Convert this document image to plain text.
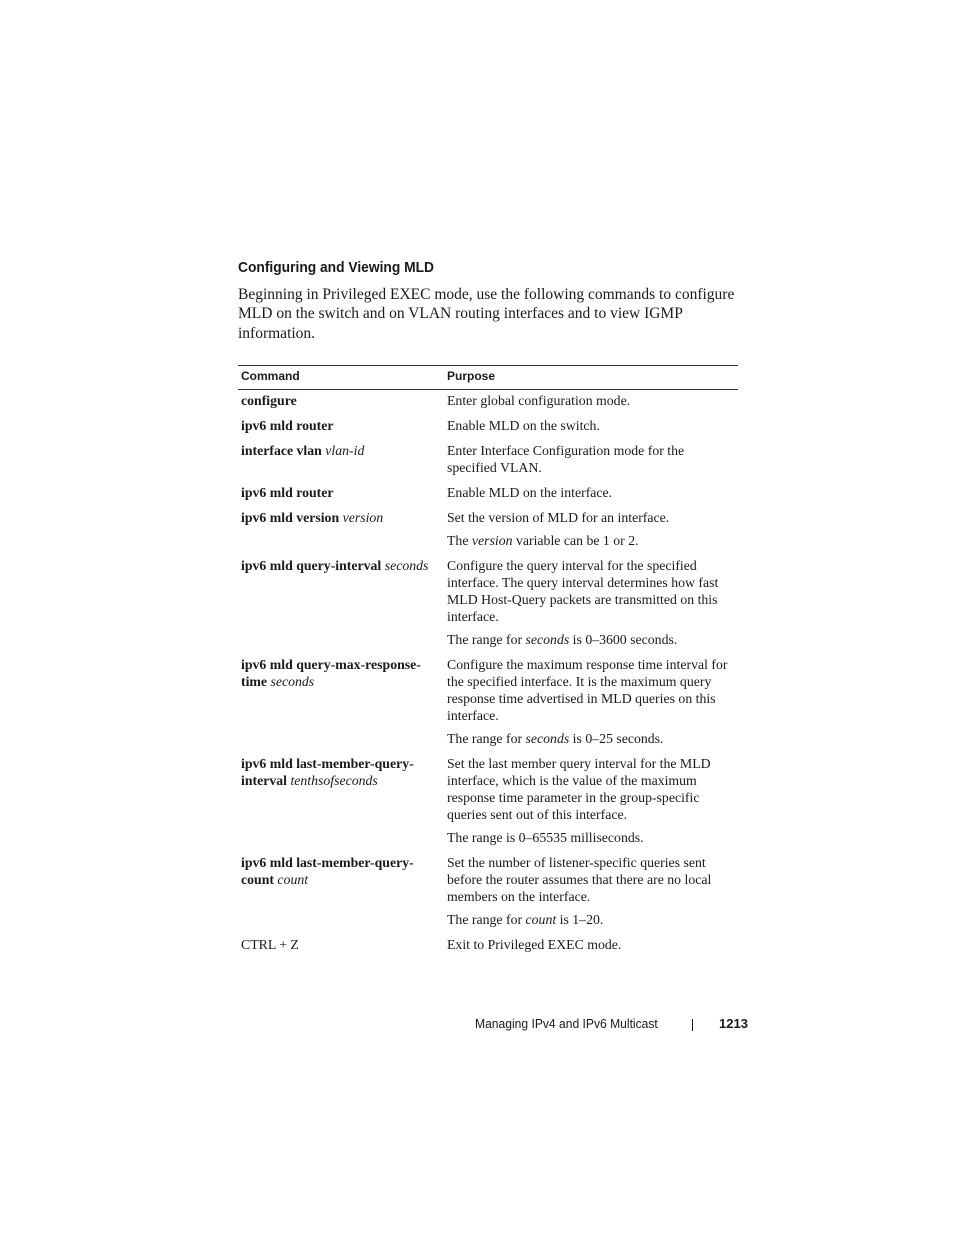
Configuring and Viewing MLD

Beginning in Privileged EXEC mode, use the following commands to configure MLD on the switch and on VLAN routing interfaces and to view IGMP information.

Command	Purpose
configure	Enter global configuration mode.
ipv6 mld router	Enable MLD on the switch.
interface vlan vlan-id	Enter Interface Configuration mode for the specified VLAN.
ipv6 mld router	Enable MLD on the interface.
ipv6 mld version version	Set the version of MLD for an interface.
	The version variable can be 1 or 2.
ipv6 mld query-interval seconds	Configure the query interval for the specified interface. The query interval determines how fast MLD Host-Query packets are transmitted on this interface.
	The range for seconds is 0–3600 seconds.
ipv6 mld query-max-response-time seconds	Configure the maximum response time interval for the specified interface. It is the maximum query response time advertised in MLD queries on this interface.
	The range for seconds is 0–25 seconds.
ipv6 mld last-member-query-interval tenthsofseconds	Set the last member query interval for the MLD interface, which is the value of the maximum response time parameter in the group-specific queries sent out of this interface.
	The range is 0–65535 milliseconds.
ipv6 mld last-member-query-count count	Set the number of listener-specific queries sent before the router assumes that there are no local members on the interface.
	The range for count is 1–20.
CTRL + Z	Exit to Privileged EXEC mode.
Managing IPv4 and IPv6 Multicast	1213
